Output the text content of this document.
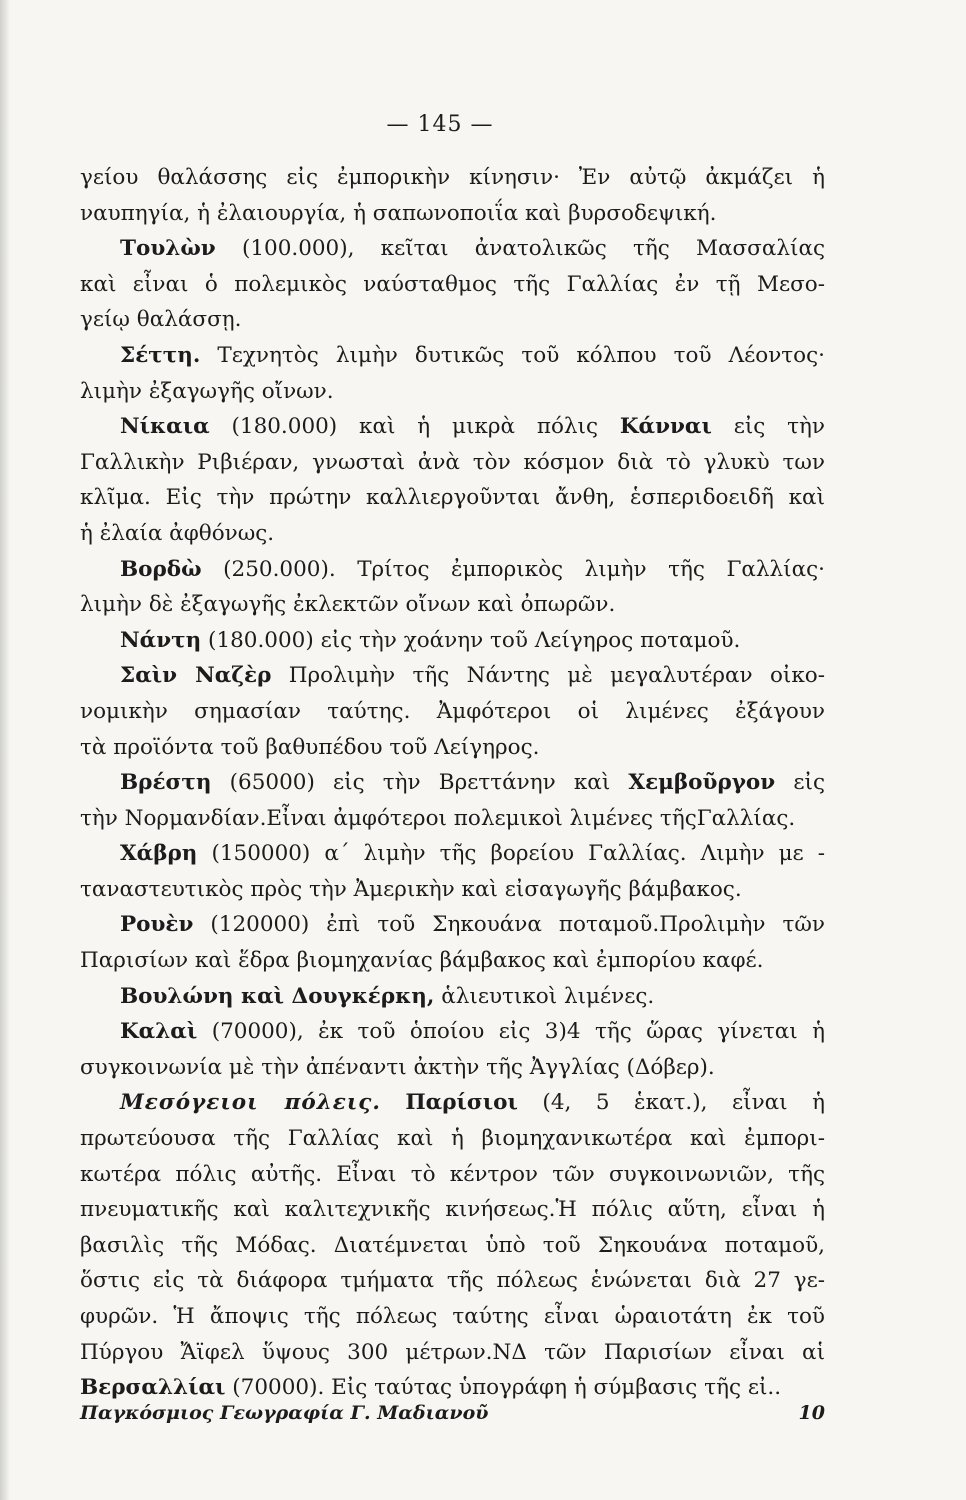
— 145 —
γείου θαλάσσης εἰς ἐμπορικὴν κίνησιν· Ἐν αὐτῷ ἀκμάζει ἡ
ναυπηγία, ἡ ἐλαιουργία, ἡ σαπωνοποιΐα καὶ βυρσοδεψική.
Τουλὼν (100.000), κεῖται ἀνατολικῶς τῆς Μασσαλίας
καὶ εἶναι ὁ πολεμικὸς ναύσταθμος τῆς Γαλλίας ἐν τῇ Μεσο-
γείῳ θαλάσσῃ.
Σέττη. Τεχνητὸς λιμὴν δυτικῶς τοῦ κόλπου τοῦ Λέοντος·
λιμὴν ἐξαγωγῆς οἴνων.
Νίκαια (180.000) καὶ ἡ μικρὰ πόλις Κάνναι εἰς τὴν
Γαλλικὴν Ριβιέραν, γνωσταὶ ἀνὰ τὸν κόσμον διὰ τὸ γλυκὺ των
κλῖμα. Εἰς τὴν πρώτην καλλιεργοῦνται ἄνθη, ἑσπεριδοειδῆ καὶ
ἡ ἐλαία ἀφθόνως.
Βορδὼ (250.000). Τρίτος ἐμπορικὸς λιμὴν τῆς Γαλλίας·
λιμὴν δὲ ἐξαγωγῆς ἐκλεκτῶν οἴνων καὶ ὀπωρῶν.
Νάντη (180.000) εἰς τὴν χοάνην τοῦ Λείγηρος ποταμοῦ.
Σαὶν Ναζὲρ Προλιμὴν τῆς Νάντης μὲ μεγαλυτέραν οἰκο-
νομικὴν σημασίαν ταύτης. Ἀμφότεροι οἱ λιμένες ἐξάγουν
τὰ προϊόντα τοῦ βαθυπέδου τοῦ Λείγηρος.
Βρέστη (65000) εἰς τὴν Βρεττάνην καὶ Χεμβοῦργον εἰς
τὴν Νορμανδίαν.Εἶναι ἀμφότεροι πολεμικοὶ λιμένες τῆςΓαλλίας.
Χάβρη (150000) α΄ λιμὴν τῆς βορείου Γαλλίας. Λιμὴν με -
ταναστευτικὸς πρὸς τὴν Ἀμερικὴν καὶ εἰσαγωγῆς βάμβακος.
Ρουὲν (120000) ἐπὶ τοῦ Σηκουάνα ποταμοῦ.Προλιμὴν τῶν
Παρισίων καὶ ἕδρα βιομηχανίας βάμβακος καὶ ἐμπορίου καφέ.
Βουλώνη καὶ Δουγκέρκη, ἁλιευτικοὶ λιμένες.
Καλαὶ (70000), ἐκ τοῦ ὁποίου εἰς 3)4 τῆς ὥρας γίνεται ἡ
συγκοινωνία μὲ τὴν ἀπέναντι ἀκτὴν τῆς Ἀγγλίας (Δόβερ).
Μεσόγειοι πόλεις. Παρίσιοι (4, 5 ἑκατ.), εἶναι ἡ
πρωτεύουσα τῆς Γαλλίας καὶ ἡ βιομηχανικωτέρα καὶ ἐμπορι-
κωτέρα πόλις αὐτῆς. Εἶναι τὸ κέντρον τῶν συγκοινωνιῶν, τῆς
πνευματικῆς καὶ καλιτεχνικῆς κινήσεως.Ἡ πόλις αὕτη, εἶναι ἡ
βασιλὶς τῆς Μόδας. Διατέμνεται ὑπὸ τοῦ Σηκουάνα ποταμοῦ,
ὅστις εἰς τὰ διάφορα τμήματα τῆς πόλεως ἑνώνεται διὰ 27 γε-
φυρῶν. Ἡ ἄποψις τῆς πόλεως ταύτης εἶναι ὡραιοτάτη ἐκ τοῦ
Πύργου Ἄϊφελ ὕψους 300 μέτρων.ΝΔ τῶν Παρισίων εἶναι αἱ
Βερσαλλίαι (70000). Εἰς ταύτας ὑπογράφη ἡ σύμβασις τῆς εἰ..
Παγκόσμιος Γεωγραφία Γ. Μαδιανοῦ	10
